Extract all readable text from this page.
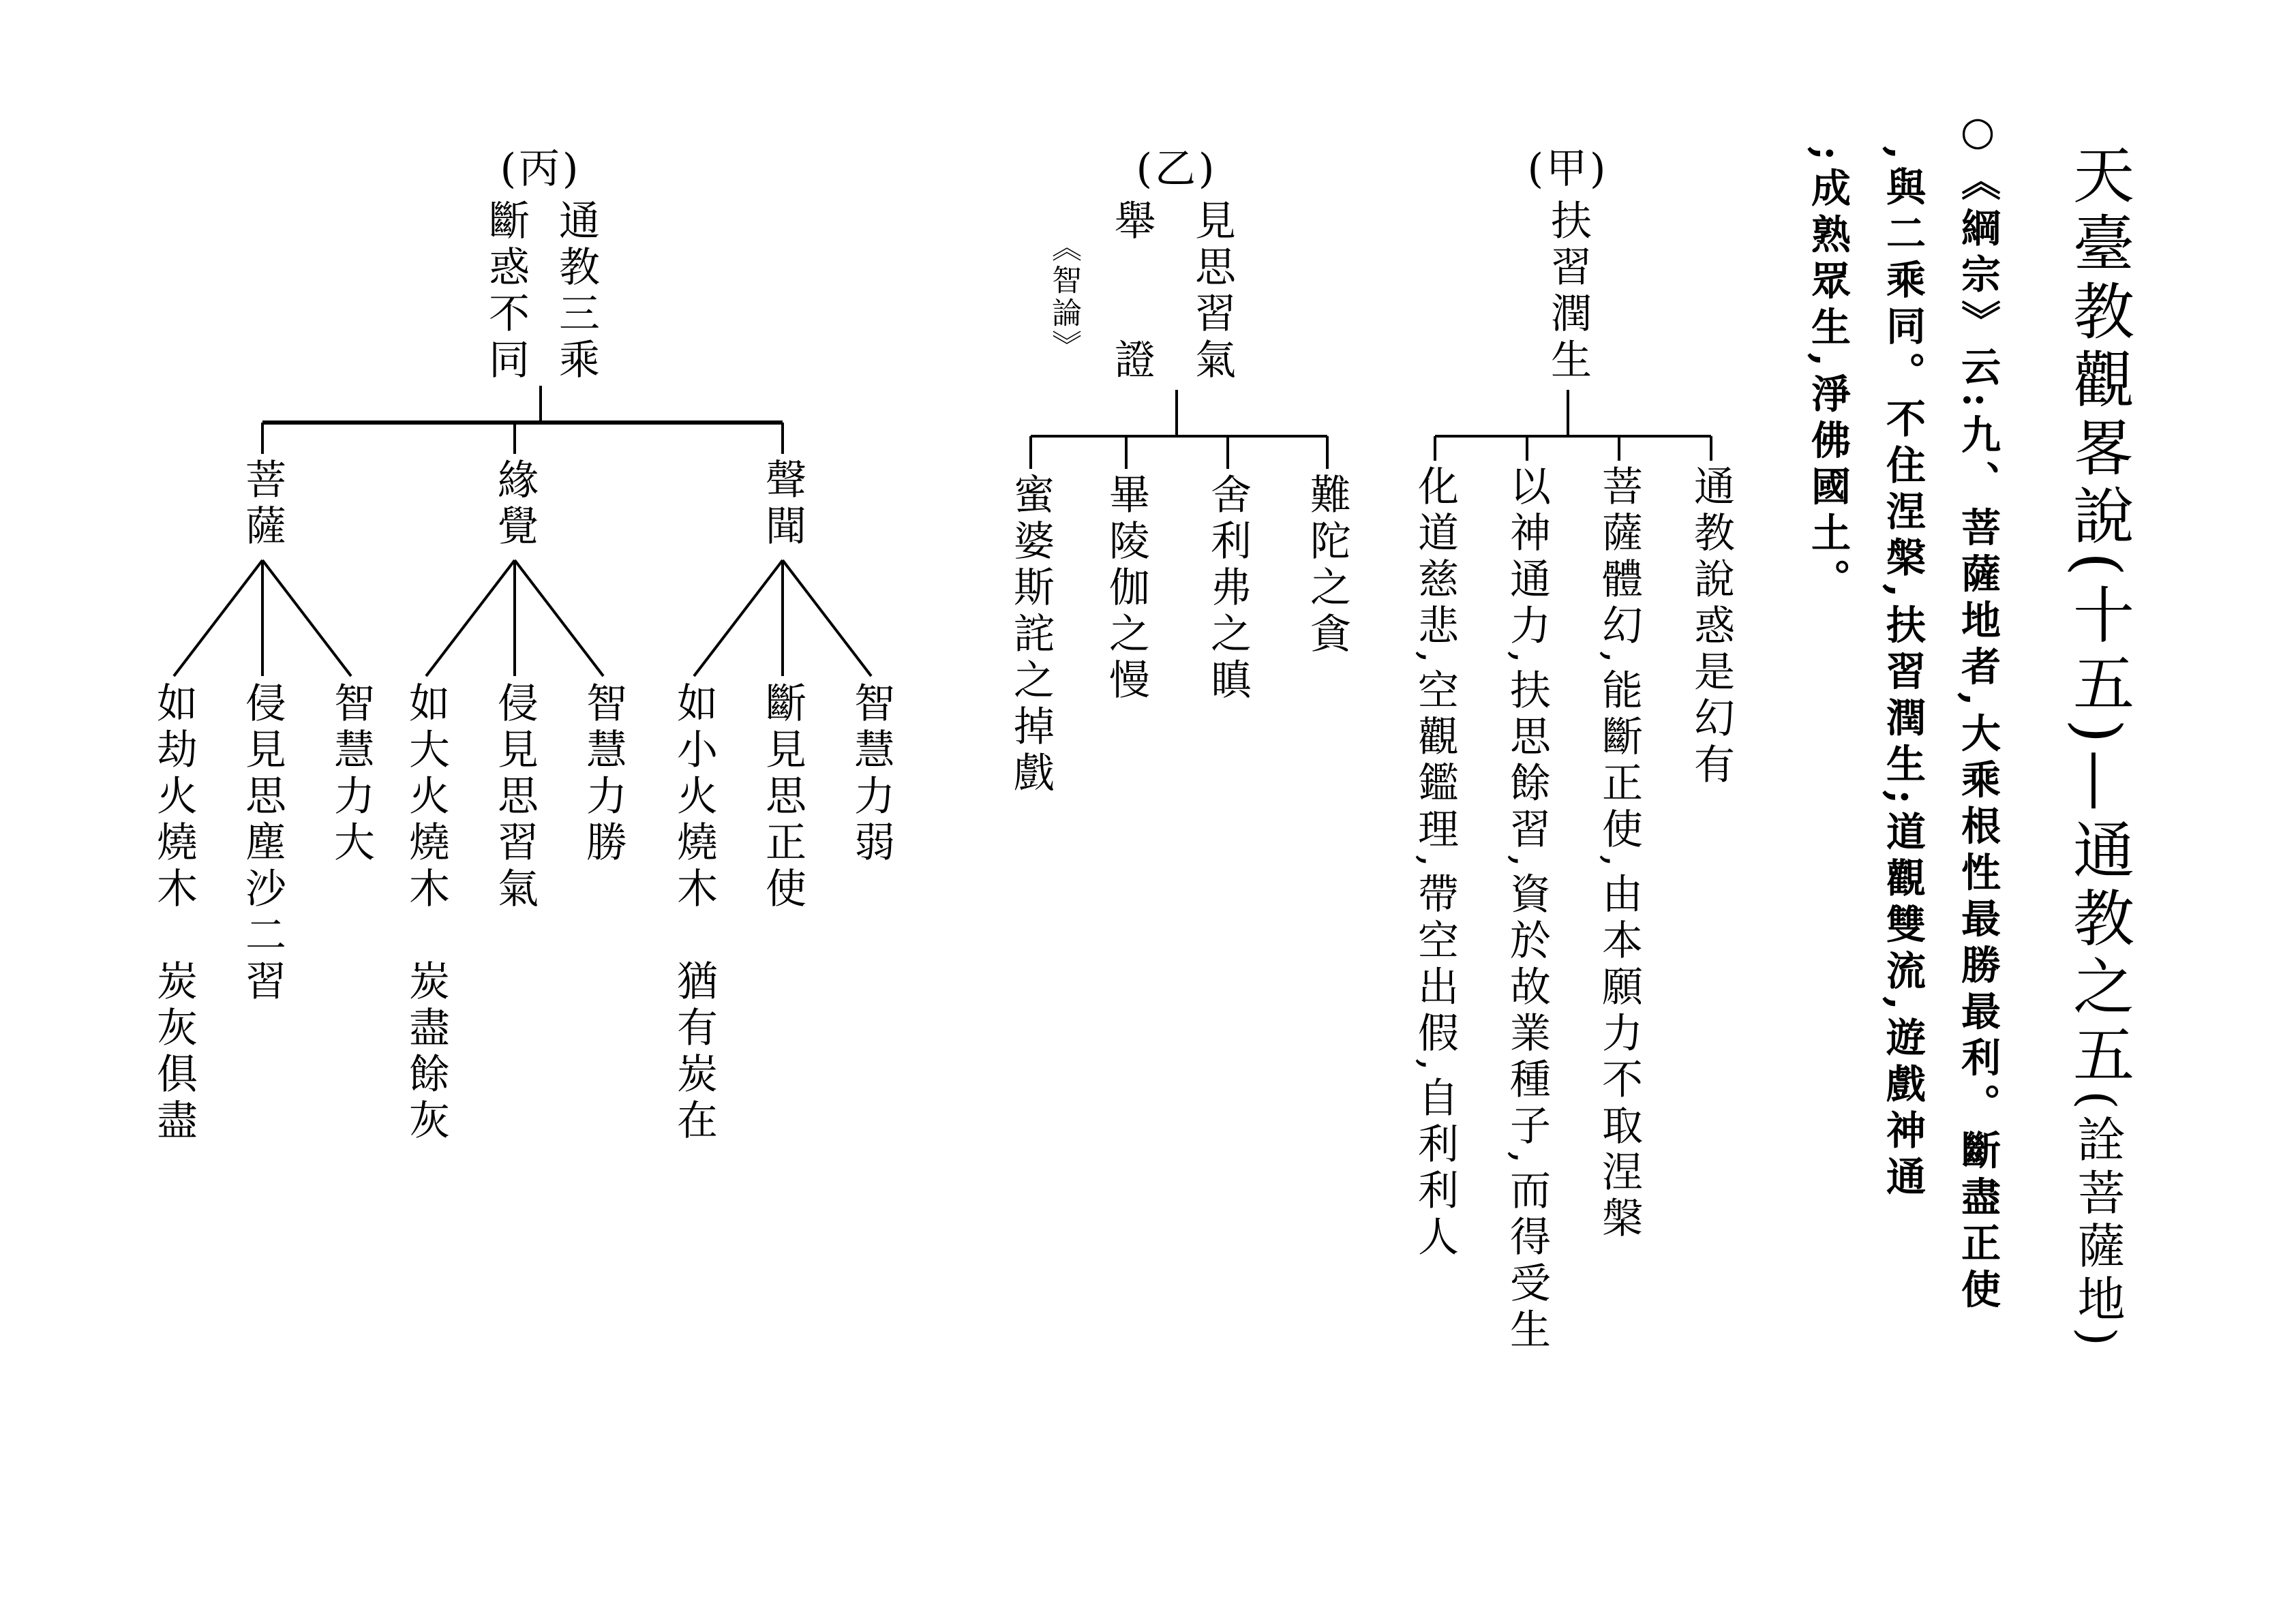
天臺教觀畧說(十五)—通教之五(詮菩薩地)
○《綱宗》云:九、菩薩地者,大乘根性最勝最利。斷盡正使
,與二乘同。不住涅槃,扶習潤生;道觀雙流,遊戲神通
;成熟眾生,淨佛國土。
(甲)
扶習潤生
通教說惑是幻有
菩薩體幻,能斷正使,由本願力不取涅槃
以神通力,扶思餘習,資於故業種子,而得受生
化道慈悲,空觀鑑理,帶空出假,自利利人
(乙)
見思習氣
舉
證
《智論》
難陀之貪
舍利弗之瞋
畢陵伽之慢
蜜婆斯詫之掉戲
(丙)
通教三乘
斷惑不同
聲聞
智慧力弱
斷見思正使
如小火燒木　猶有炭在
緣覺
智慧力勝
侵見思習氣
如大火燒木　炭盡餘灰
菩薩
智慧力大
侵見思塵沙二習
如劫火燒木　炭灰俱盡
